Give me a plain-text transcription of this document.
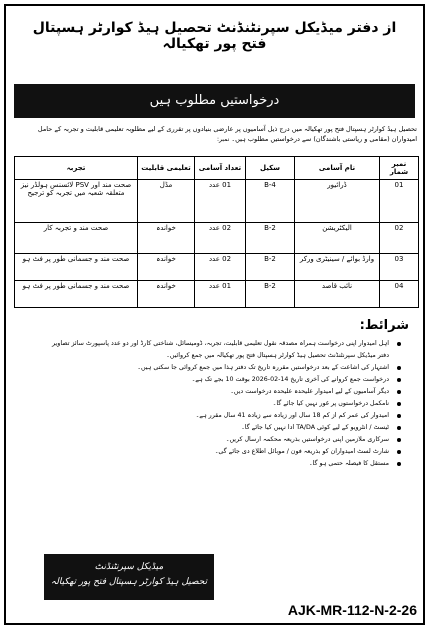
از دفتر میڈیکل سپرنٹنڈنٹ تحصیل ہیڈ کوارٹر ہسپتال فتح پور تھکیالہ
درخواستیں مطلوب ہیں
تحصیل ہیڈ کوارٹر ہسپتال فتح پور تھکیالہ میں درج ذیل آسامیوں پر عارضی بنیادوں پر تقرری کے لیے مطلوبہ تعلیمی قابلیت و تجربہ کے حامل امیدواران (مقامی و ریاستی باشندگان) سے درخواستیں مطلوب ہیں۔ نمبر:
نمبر شمار	نام آسامی	سکیل	تعداد آسامی	تعلیمی قابلیت	تجربہ
01	ڈرائیور	B-4	01 عدد	مڈل	صحت مند اور PSV لائسنس ہولڈر نیز متعلقہ شعبہ میں تجربہ کو ترجیح
02	الیکٹریشن	B-2	02 عدد	خواندہ	صحت مند و تجربہ کار
03	وارڈ بوائے / سینیٹری ورکر	B-2	02 عدد	خواندہ	صحت مند و جسمانی طور پر فٹ ہو
04	نائب قاصد	B-2	01 عدد	خواندہ	صحت مند و جسمانی طور پر فٹ ہو
شرائط:
اہل امیدوار اپنی درخواست ہمراہ مصدقہ نقول تعلیمی قابلیت، تجربہ، ڈومیسائل، شناختی کارڈ اور دو عدد پاسپورٹ سائز تصاویر دفتر میڈیکل سپرنٹنڈنٹ تحصیل ہیڈ کوارٹر ہسپتال فتح پور تھکیالہ میں جمع کروائیں۔
اشتہار کی اشاعت کے بعد درخواستیں مقررہ تاریخ تک دفتر ہذا میں جمع کروائی جا سکتی ہیں۔
درخواست جمع کروانے کی آخری تاریخ 14-02-2026 بوقت 10 بجے تک ہے۔
دیگر آسامیوں کے لیے امیدوار علیحدہ علیحدہ درخواست دیں۔
نامکمل درخواستوں پر غور نہیں کیا جائے گا۔
امیدوار کی عمر کم از کم 18 سال اور زیادہ سے زیادہ 41 سال مقرر ہے۔
ٹیسٹ / انٹرویو کے لیے کوئی TA/DA ادا نہیں کیا جائے گا۔
سرکاری ملازمین اپنی درخواستیں بذریعہ محکمہ ارسال کریں۔
شارٹ لسٹ امیدواران کو بذریعہ فون / موبائل اطلاع دی جائے گی۔
مستقل کا فیصلہ حتمی ہو گا۔
میڈیکل سپرنٹنڈنٹ
تحصیل ہیڈ کوارٹر ہسپتال فتح پور تھکیالہ
AJK-MR-112-N-2-26
